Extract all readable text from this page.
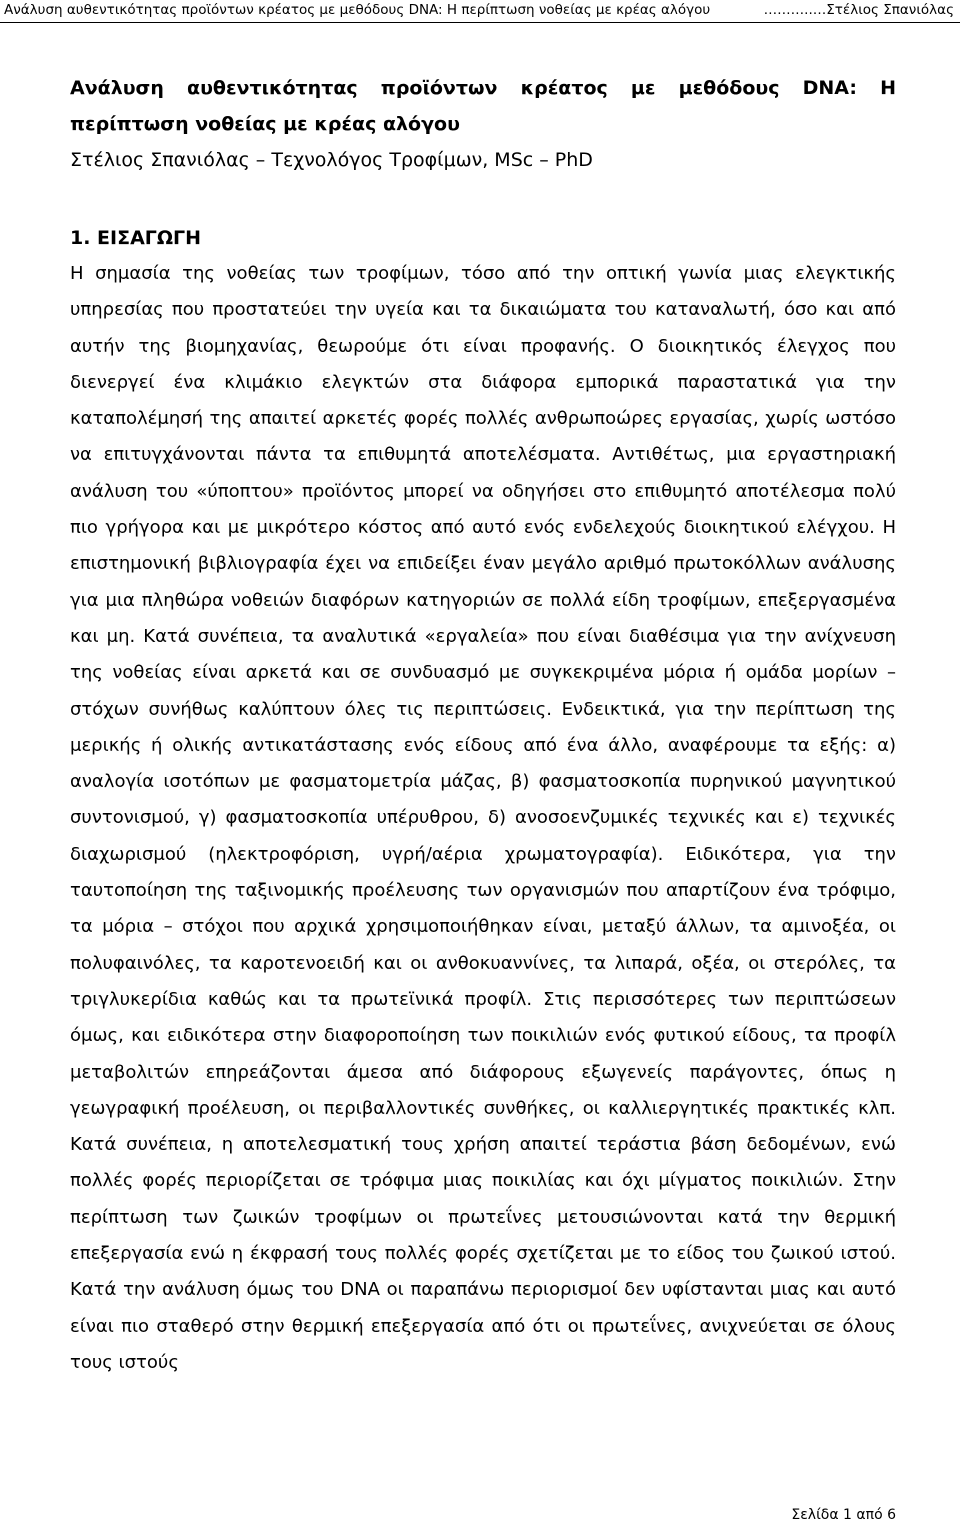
Ανάλυση αυθεντικότητας προϊόντων κρέατος με μεθόδους DNA: Η περίπτωση νοθείας με κρέας αλόγου	………..…Στέλιος Σπανιόλας
Ανάλυση αυθεντικότητας προϊόντων κρέατος με μεθόδους DNA: Η περίπτωση νοθείας με κρέας αλόγου

Στέλιος Σπανιόλας – Τεχνολόγος Τροφίμων, MSc – PhD

1. ΕΙΣΑΓΩΓΗ

Η σημασία της νοθείας των τροφίμων, τόσο από την οπτική γωνία μιας ελεγκτικής υπηρεσίας που προστατεύει την υγεία και τα δικαιώματα του καταναλωτή, όσο και από αυτήν της βιομηχανίας, θεωρούμε ότι είναι προφανής. Ο διοικητικός έλεγχος που διενεργεί ένα κλιμάκιο ελεγκτών στα διάφορα εμπορικά παραστατικά για την καταπολέμησή της απαιτεί αρκετές φορές πολλές ανθρωποώρες εργασίας, χωρίς ωστόσο να επιτυγχάνονται πάντα τα επιθυμητά αποτελέσματα. Αντιθέτως, μια εργαστηριακή ανάλυση του «ύποπτου» προϊόντος μπορεί να οδηγήσει στο επιθυμητό αποτέλεσμα πολύ πιο γρήγορα και με μικρότερο κόστος από αυτό ενός ενδελεχούς διοικητικού ελέγχου. Η επιστημονική βιβλιογραφία έχει να επιδείξει έναν μεγάλο αριθμό πρωτοκόλλων ανάλυσης για μια πληθώρα νοθειών διαφόρων κατηγοριών σε πολλά είδη τροφίμων, επεξεργασμένα και μη. Κατά συνέπεια, τα αναλυτικά «εργαλεία» που είναι διαθέσιμα για την ανίχνευση της νοθείας είναι αρκετά και σε συνδυασμό με συγκεκριμένα μόρια ή ομάδα μορίων – στόχων συνήθως καλύπτουν όλες τις περιπτώσεις. Ενδεικτικά, για την περίπτωση της μερικής ή ολικής αντικατάστασης ενός είδους από ένα άλλο, αναφέρουμε τα εξής: α) αναλογία ισοτόπων με φασματομετρία μάζας, β) φασματοσκοπία πυρηνικού μαγνητικού συντονισμού, γ) φασματοσκοπία υπέρυθρου, δ) ανοσοενζυμικές τεχνικές και ε) τεχνικές διαχωρισμού (ηλεκτροφόριση, υγρή/αέρια χρωματογραφία). Ειδικότερα, για την ταυτοποίηση της ταξινομικής προέλευσης των οργανισμών που απαρτίζουν ένα τρόφιμο, τα μόρια – στόχοι που αρχικά χρησιμοποιήθηκαν είναι, μεταξύ άλλων, τα αμινοξέα, οι πολυφαινόλες, τα καροτενοειδή και οι ανθοκυαννίνες, τα λιπαρά, οξέα, οι στερόλες, τα τριγλυκερίδια καθώς και τα πρωτεϊνικά προφίλ. Στις περισσότερες των περιπτώσεων όμως, και ειδικότερα στην διαφοροποίηση των ποικιλιών ενός φυτικού είδους, τα προφίλ μεταβολιτών επηρεάζονται άμεσα από διάφορους εξωγενείς παράγοντες, όπως η γεωγραφική προέλευση, οι περιβαλλοντικές συνθήκες, οι καλλιεργητικές πρακτικές κλπ. Κατά συνέπεια, η αποτελεσματική τους χρήση απαιτεί τεράστια βάση δεδομένων, ενώ πολλές φορές περιορίζεται σε τρόφιμα μιας ποικιλίας και όχι μίγματος ποικιλιών. Στην περίπτωση των ζωικών τροφίμων οι πρωτεΐνες μετουσιώνονται κατά την θερμική επεξεργασία ενώ η έκφρασή τους πολλές φορές σχετίζεται με το είδος του ζωικού ιστού. Κατά την ανάλυση όμως του DNA οι παραπάνω περιορισμοί δεν υφίστανται μιας και αυτό είναι πιο σταθερό στην θερμική επεξεργασία από ότι οι πρωτεΐνες, ανιχνεύεται σε όλους τους ιστούς

Σελίδα 1 από 6
